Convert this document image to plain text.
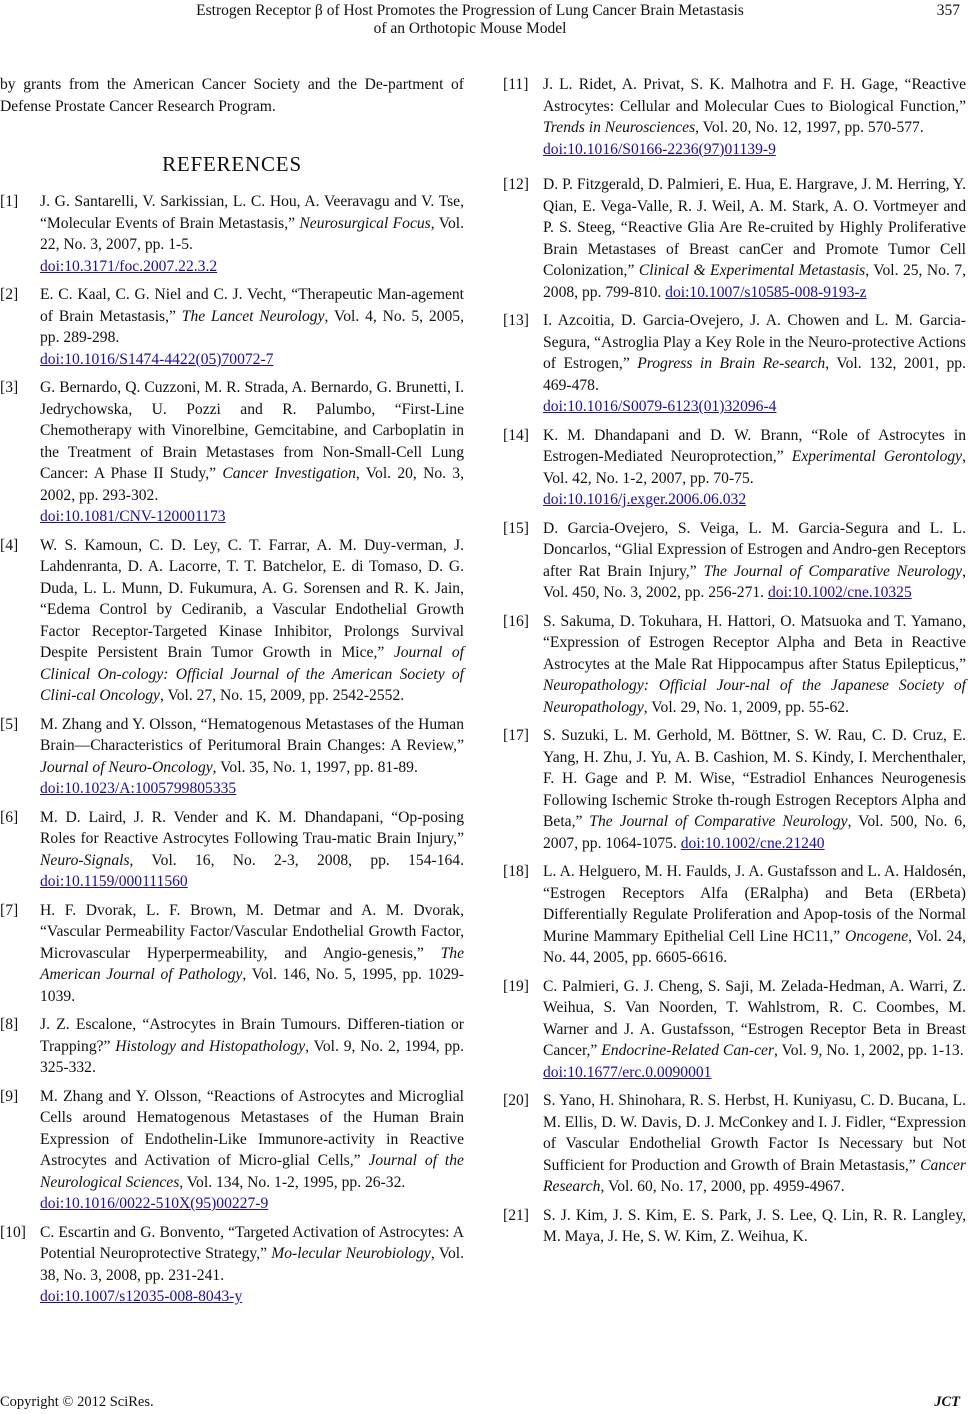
Estrogen Receptor β of Host Promotes the Progression of Lung Cancer Brain Metastasis
of an Orthotopic Mouse Model
357

by grants from the American Cancer Society and the De-partment of Defense Prostate Cancer Research Program.

REFERENCES
[1] J. G. Santarelli, V. Sarkissian, L. C. Hou, A. Veeravagu and V. Tse, “Molecular Events of Brain Metastasis,” Neurosurgical Focus, Vol. 22, No. 3, 2007, pp. 1-5.
doi:10.3171/foc.2007.22.3.2
[2] E. C. Kaal, C. G. Niel and C. J. Vecht, “Therapeutic Man-agement of Brain Metastasis,” The Lancet Neurology, Vol. 4, No. 5, 2005, pp. 289-298.
doi:10.1016/S1474-4422(05)70072-7
[3] G. Bernardo, Q. Cuzzoni, M. R. Strada, A. Bernardo, G. Brunetti, I. Jedrychowska, U. Pozzi and R. Palumbo, “First-Line Chemotherapy with Vinorelbine, Gemcitabine, and Carboplatin in the Treatment of Brain Metastases from Non-Small-Cell Lung Cancer: A Phase II Study,” Cancer Investigation, Vol. 20, No. 3, 2002, pp. 293-302.
doi:10.1081/CNV-120001173
[4] W. S. Kamoun, C. D. Ley, C. T. Farrar, A. M. Duy-verman, J. Lahdenranta, D. A. Lacorre, T. T. Batchelor, E. di Tomaso, D. G. Duda, L. L. Munn, D. Fukumura, A. G. Sorensen and R. K. Jain, “Edema Control by Cediranib, a Vascular Endothelial Growth Factor Receptor-Targeted Kinase Inhibitor, Prolongs Survival Despite Persistent Brain Tumor Growth in Mice,” Journal of Clinical On-cology: Official Journal of the American Society of Clini-cal Oncology, Vol. 27, No. 15, 2009, pp. 2542-2552.
[5] M. Zhang and Y. Olsson, “Hematogenous Metastases of the Human Brain—Characteristics of Peritumoral Brain Changes: A Review,” Journal of Neuro-Oncology, Vol. 35, No. 1, 1997, pp. 81-89.
doi:10.1023/A:1005799805335
[6] M. D. Laird, J. R. Vender and K. M. Dhandapani, “Op-posing Roles for Reactive Astrocytes Following Trau-matic Brain Injury,” Neuro-Signals, Vol. 16, No. 2-3, 2008, pp. 154-164. doi:10.1159/000111560
[7] H. F. Dvorak, L. F. Brown, M. Detmar and A. M. Dvorak, “Vascular Permeability Factor/Vascular Endothelial Growth Factor, Microvascular Hyperpermeability, and Angio-genesis,” The American Journal of Pathology, Vol. 146, No. 5, 1995, pp. 1029-1039.
[8] J. Z. Escalone, “Astrocytes in Brain Tumours. Differen-tiation or Trapping?” Histology and Histopathology, Vol. 9, No. 2, 1994, pp. 325-332.
[9] M. Zhang and Y. Olsson, “Reactions of Astrocytes and Microglial Cells around Hematogenous Metastases of the Human Brain Expression of Endothelin-Like Immunore-activity in Reactive Astrocytes and Activation of Micro-glial Cells,” Journal of the Neurological Sciences, Vol. 134, No. 1-2, 1995, pp. 26-32.
doi:10.1016/0022-510X(95)00227-9
[10] C. Escartin and G. Bonvento, “Targeted Activation of Astrocytes: A Potential Neuroprotective Strategy,” Mo-lecular Neurobiology, Vol. 38, No. 3, 2008, pp. 231-241.
doi:10.1007/s12035-008-8043-y
[11] J. L. Ridet, A. Privat, S. K. Malhotra and F. H. Gage, “Reactive Astrocytes: Cellular and Molecular Cues to Biological Function,” Trends in Neurosciences, Vol. 20, No. 12, 1997, pp. 570-577.
doi:10.1016/S0166-2236(97)01139-9
[12] D. P. Fitzgerald, D. Palmieri, E. Hua, E. Hargrave, J. M. Herring, Y. Qian, E. Vega-Valle, R. J. Weil, A. M. Stark, A. O. Vortmeyer and P. S. Steeg, “Reactive Glia Are Re-cruited by Highly Proliferative Brain Metastases of Breast canCer and Promote Tumor Cell Colonization,” Clinical & Experimental Metastasis, Vol. 25, No. 7, 2008, pp. 799-810. doi:10.1007/s10585-008-9193-z
[13] I. Azcoitia, D. Garcia-Ovejero, J. A. Chowen and L. M. Garcia-Segura, “Astroglia Play a Key Role in the Neuro-protective Actions of Estrogen,” Progress in Brain Re-search, Vol. 132, 2001, pp. 469-478.
doi:10.1016/S0079-6123(01)32096-4
[14] K. M. Dhandapani and D. W. Brann, “Role of Astrocytes in Estrogen-Mediated Neuroprotection,” Experimental Gerontology, Vol. 42, No. 1-2, 2007, pp. 70-75.
doi:10.1016/j.exger.2006.06.032
[15] D. Garcia-Ovejero, S. Veiga, L. M. Garcia-Segura and L. L. Doncarlos, “Glial Expression of Estrogen and Andro-gen Receptors after Rat Brain Injury,” The Journal of Comparative Neurology, Vol. 450, No. 3, 2002, pp. 256-271. doi:10.1002/cne.10325
[16] S. Sakuma, D. Tokuhara, H. Hattori, O. Matsuoka and T. Yamano, “Expression of Estrogen Receptor Alpha and Beta in Reactive Astrocytes at the Male Rat Hippocampus after Status Epilepticus,” Neuropathology: Official Jour-nal of the Japanese Society of Neuropathology, Vol. 29, No. 1, 2009, pp. 55-62.
[17] S. Suzuki, L. M. Gerhold, M. Böttner, S. W. Rau, C. D. Cruz, E. Yang, H. Zhu, J. Yu, A. B. Cashion, M. S. Kindy, I. Merchenthaler, F. H. Gage and P. M. Wise, “Estradiol Enhances Neurogenesis Following Ischemic Stroke th-rough Estrogen Receptors Alpha and Beta,” The Journal of Comparative Neurology, Vol. 500, No. 6, 2007, pp. 1064-1075. doi:10.1002/cne.21240
[18] L. A. Helguero, M. H. Faulds, J. A. Gustafsson and L. A. Haldosén, “Estrogen Receptors Alfa (ERalpha) and Beta (ERbeta) Differentially Regulate Proliferation and Apop-tosis of the Normal Murine Mammary Epithelial Cell Line HC11,” Oncogene, Vol. 24, No. 44, 2005, pp. 6605-6616.
[19] C. Palmieri, G. J. Cheng, S. Saji, M. Zelada-Hedman, A. Warri, Z. Weihua, S. Van Noorden, T. Wahlstrom, R. C. Coombes, M. Warner and J. A. Gustafsson, “Estrogen Receptor Beta in Breast Cancer,” Endocrine-Related Can-cer, Vol. 9, No. 1, 2002, pp. 1-13.
doi:10.1677/erc.0.0090001
[20] S. Yano, H. Shinohara, R. S. Herbst, H. Kuniyasu, C. D. Bucana, L. M. Ellis, D. W. Davis, D. J. McConkey and I. J. Fidler, “Expression of Vascular Endothelial Growth Factor Is Necessary but Not Sufficient for Production and Growth of Brain Metastasis,” Cancer Research, Vol. 60, No. 17, 2000, pp. 4959-4967.
[21] S. J. Kim, J. S. Kim, E. S. Park, J. S. Lee, Q. Lin, R. R. Langley, M. Maya, J. He, S. W. Kim, Z. Weihua, K.
Copyright © 2012 SciRes.	JCT
